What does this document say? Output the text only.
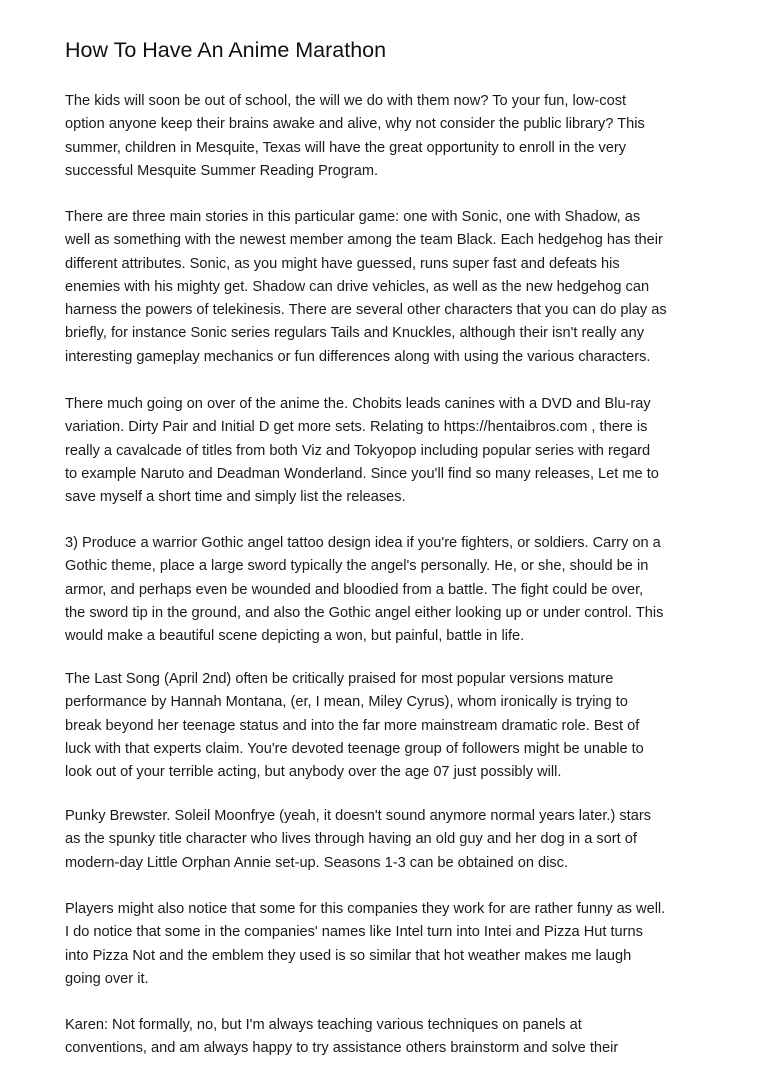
How To Have An Anime Marathon
The kids will soon be out of school, the will we do with them now? To your fun, low-cost
option anyone keep their brains awake and alive, why not consider the public library? This
summer, children in Mesquite, Texas will have the great opportunity to enroll in the very
successful Mesquite Summer Reading Program.
There are three main stories in this particular game: one with Sonic, one with Shadow, as
well as something with the newest member among the team Black. Each hedgehog has their
different attributes. Sonic, as you might have guessed, runs super fast and defeats his
enemies with his mighty get. Shadow can drive vehicles, as well as the new hedgehog can
harness the powers of telekinesis. There are several other characters that you can do play as
briefly, for instance Sonic series regulars Tails and Knuckles, although their isn't really any
interesting gameplay mechanics or fun differences along with using the various characters.
There much going on over of the anime the. Chobits leads canines with a DVD and Blu-ray
variation. Dirty Pair and Initial D get more sets. Relating to https://hentaibros.com , there is
really a cavalcade of titles from both Viz and Tokyopop including popular series with regard
to example Naruto and Deadman Wonderland. Since you'll find so many releases, Let me to
save myself a short time and simply list the releases.
3) Produce a warrior Gothic angel tattoo design idea if you're fighters, or soldiers. Carry on a
Gothic theme, place a large sword typically the angel's personally. He, or she, should be in
armor, and perhaps even be wounded and bloodied from a battle. The fight could be over,
the sword tip in the ground, and also the Gothic angel either looking up or under control. This
would make a beautiful scene depicting a won, but painful, battle in life.
The Last Song (April 2nd) often be critically praised for most popular versions mature
performance by Hannah Montana, (er, I mean, Miley Cyrus), whom ironically is trying to
break beyond her teenage status and into the far more mainstream dramatic role. Best of
luck with that experts claim. You're devoted teenage group of followers might be unable to
look out of your terrible acting, but anybody over the age 07 just possibly will.
Punky Brewster. Soleil Moonfrye (yeah, it doesn't sound anymore normal years later.) stars
as the spunky title character who lives through having an old guy and her dog in a sort of
modern-day Little Orphan Annie set-up. Seasons 1-3 can be obtained on disc.
Players might also notice that some for this companies they work for are rather funny as well.
I do notice that some in the companies' names like Intel turn into Intei and Pizza Hut turns
into Pizza Not and the emblem they used is so similar that hot weather makes me laugh
going over it.
Karen: Not formally, no, but I'm always teaching various techniques on panels at
conventions, and am always happy to try assistance others brainstorm and solve their
